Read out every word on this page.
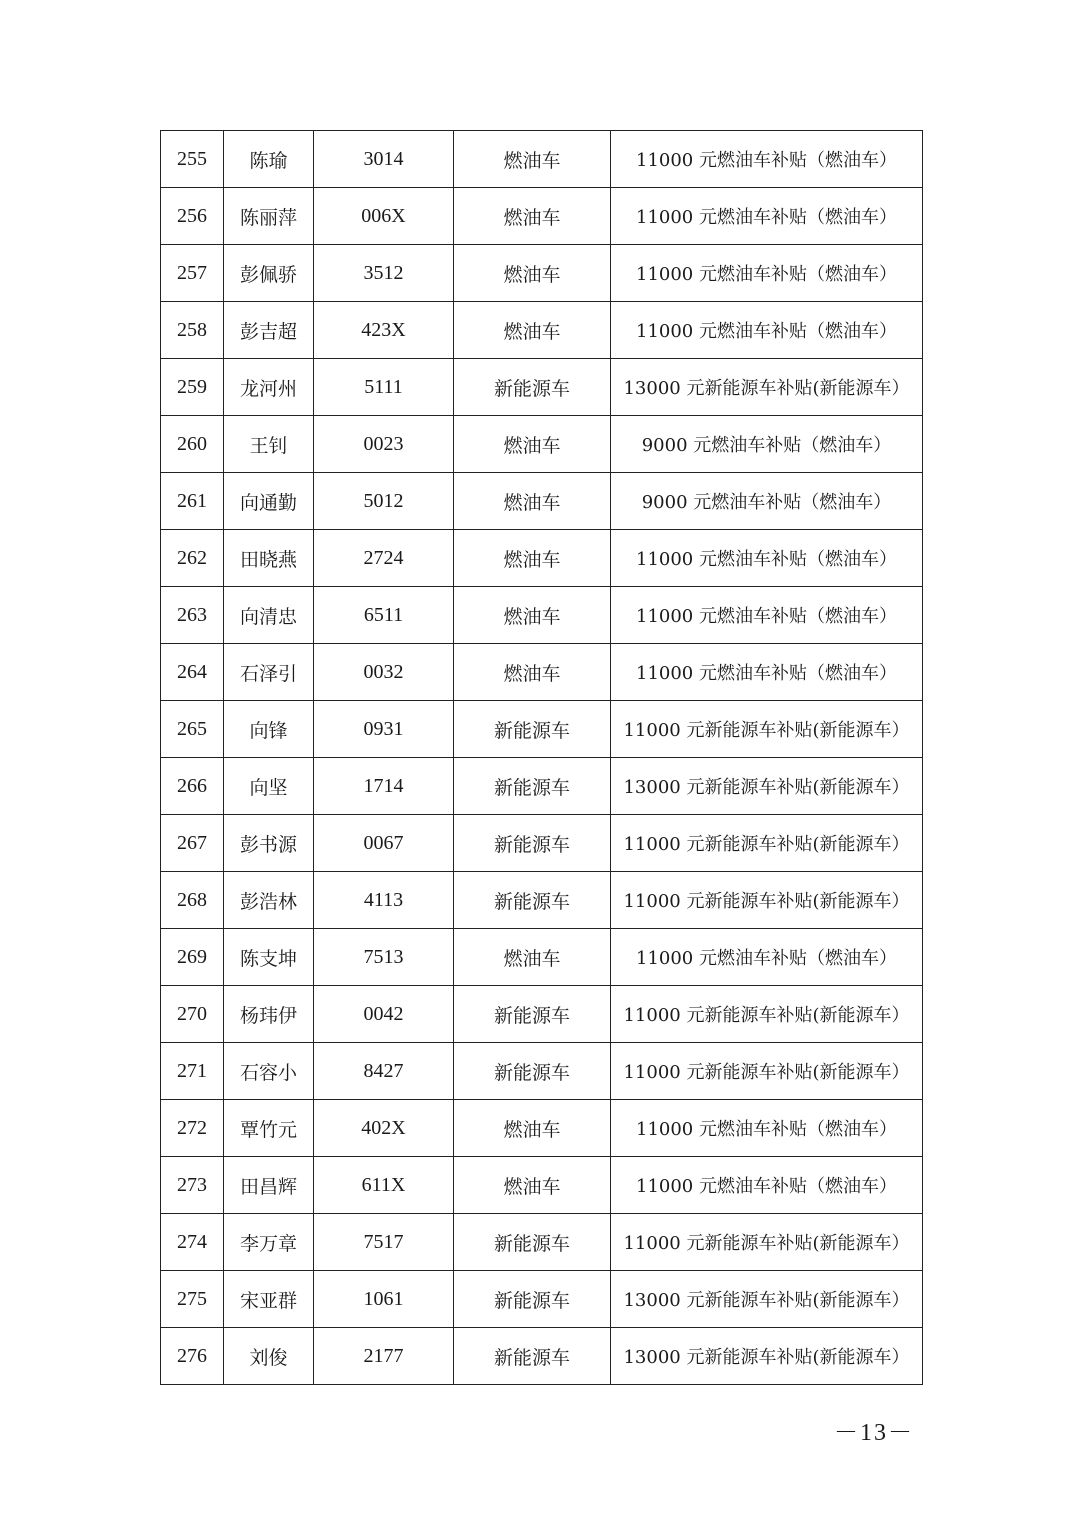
255	陈瑜	3014	燃油车	11000 元燃油车补贴（燃油车）
256	陈丽萍	006X	燃油车	11000 元燃油车补贴（燃油车）
257	彭佩骄	3512	燃油车	11000 元燃油车补贴（燃油车）
258	彭吉超	423X	燃油车	11000 元燃油车补贴（燃油车）
259	龙河州	5111	新能源车	13000 元新能源车补贴(新能源车）
260	王钊	0023	燃油车	9000 元燃油车补贴（燃油车）
261	向通勤	5012	燃油车	9000 元燃油车补贴（燃油车）
262	田晓燕	2724	燃油车	11000 元燃油车补贴（燃油车）
263	向清忠	6511	燃油车	11000 元燃油车补贴（燃油车）
264	石泽引	0032	燃油车	11000 元燃油车补贴（燃油车）
265	向锋	0931	新能源车	11000 元新能源车补贴(新能源车）
266	向坚	1714	新能源车	13000 元新能源车补贴(新能源车）
267	彭书源	0067	新能源车	11000 元新能源车补贴(新能源车）
268	彭浩林	4113	新能源车	11000 元新能源车补贴(新能源车）
269	陈支坤	7513	燃油车	11000 元燃油车补贴（燃油车）
270	杨玮伊	0042	新能源车	11000 元新能源车补贴(新能源车）
271	石容小	8427	新能源车	11000 元新能源车补贴(新能源车）
272	覃竹元	402X	燃油车	11000 元燃油车补贴（燃油车）
273	田昌辉	611X	燃油车	11000 元燃油车补贴（燃油车）
274	李万章	7517	新能源车	11000 元新能源车补贴(新能源车）
275	宋亚群	1061	新能源车	13000 元新能源车补贴(新能源车）
276	刘俊	2177	新能源车	13000 元新能源车补贴(新能源车）
－13－
